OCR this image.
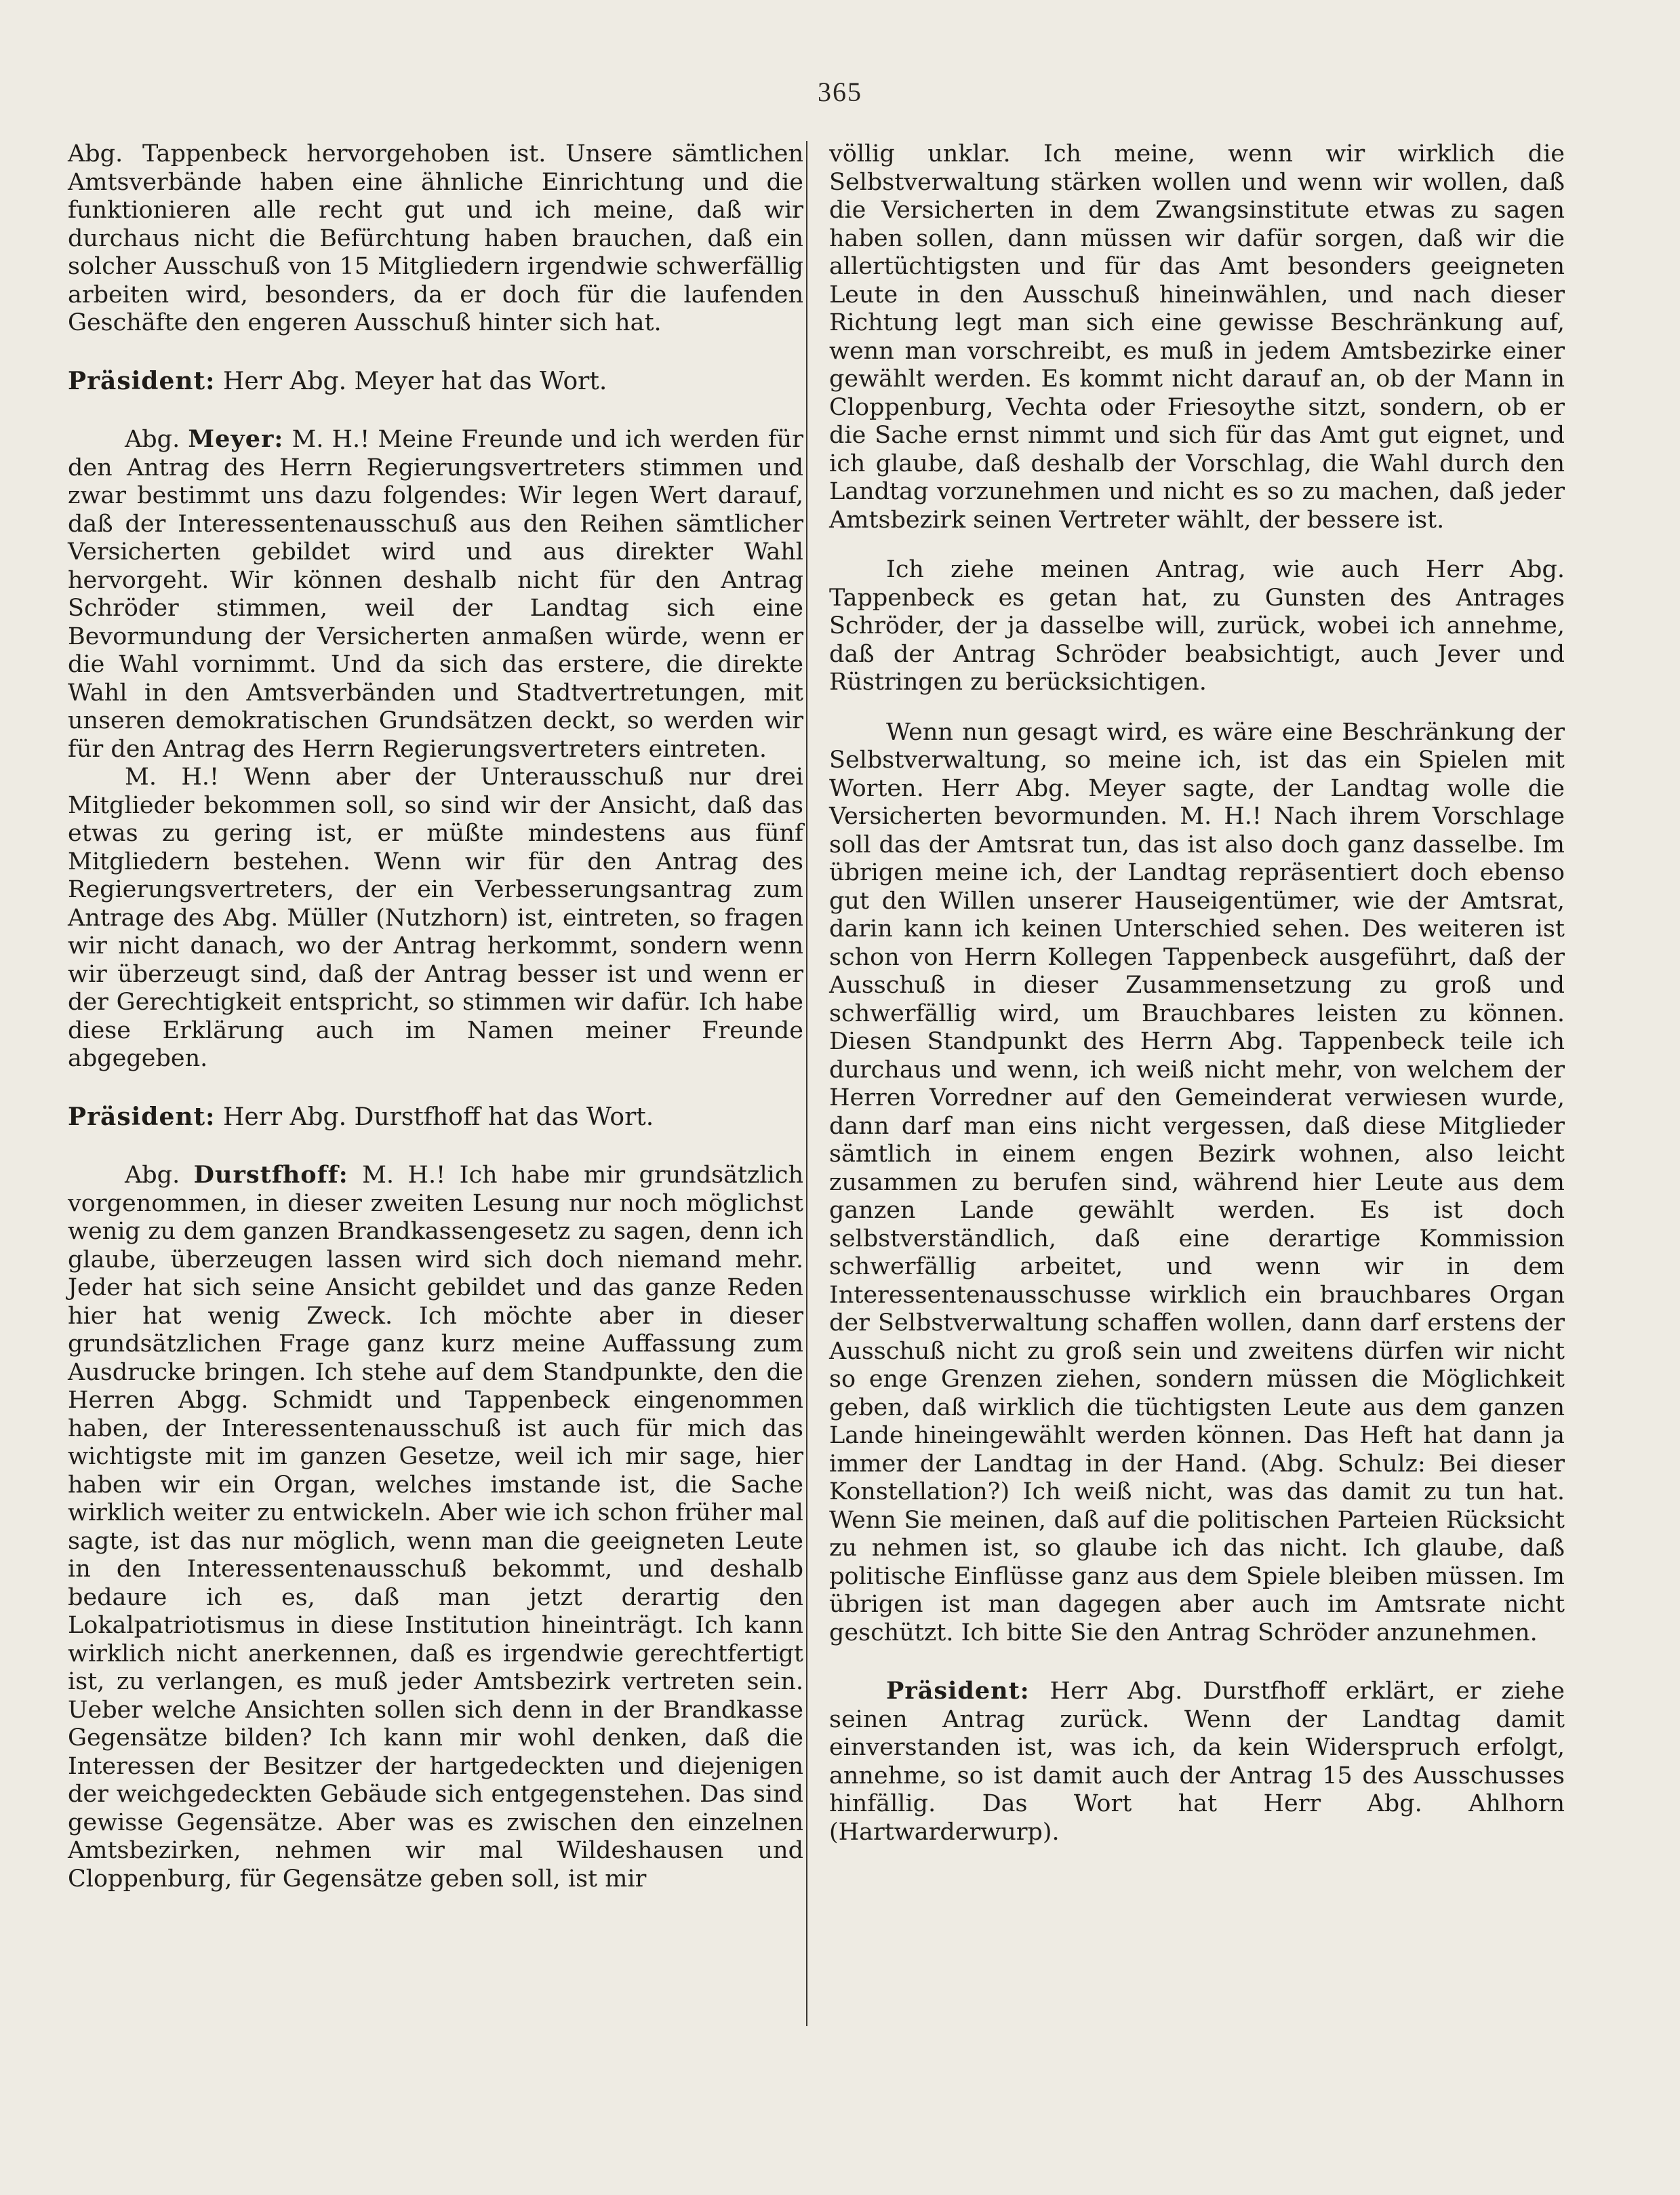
365

Abg. Tappenbeck hervorgehoben ist. Unsere sämtlichen Amtsverbände haben eine ähnliche Einrichtung und die funktionieren alle recht gut und ich meine, daß wir durchaus nicht die Befürchtung haben brauchen, daß ein solcher Ausschuß von 15 Mitgliedern irgendwie schwerfällig arbeiten wird, besonders, da er doch für die laufenden Geschäfte den engeren Ausschuß hinter sich hat.

Präsident: Herr Abg. Meyer hat das Wort.

Abg. Meyer: M. H.! Meine Freunde und ich werden für den Antrag des Herrn Regierungsvertreters stimmen und zwar bestimmt uns dazu folgendes: Wir legen Wert darauf, daß der Interessentenausschuß aus den Reihen sämtlicher Versicherten gebildet wird und aus direkter Wahl hervorgeht. Wir können deshalb nicht für den Antrag Schröder stimmen, weil der Landtag sich eine Bevormundung der Versicherten anmaßen würde, wenn er die Wahl vornimmt. Und da sich das erstere, die direkte Wahl in den Amtsverbänden und Stadtvertretungen, mit unseren demokratischen Grundsätzen deckt, so werden wir für den Antrag des Herrn Regierungsvertreters eintreten.

M. H.! Wenn aber der Unterausschuß nur drei Mitglieder bekommen soll, so sind wir der Ansicht, daß das etwas zu gering ist, er müßte mindestens aus fünf Mitgliedern bestehen. Wenn wir für den Antrag des Regierungsvertreters, der ein Verbesserungsantrag zum Antrage des Abg. Müller (Nutzhorn) ist, eintreten, so fragen wir nicht danach, wo der Antrag herkommt, sondern wenn wir überzeugt sind, daß der Antrag besser ist und wenn er der Gerechtigkeit entspricht, so stimmen wir dafür. Ich habe diese Erklärung auch im Namen meiner Freunde abgegeben.

Präsident: Herr Abg. Durstfhoff hat das Wort.

Abg. Durstfhoff: M. H.! Ich habe mir grundsätzlich vorgenommen, in dieser zweiten Lesung nur noch möglichst wenig zu dem ganzen Brandkassengesetz zu sagen, denn ich glaube, überzeugen lassen wird sich doch niemand mehr. Jeder hat sich seine Ansicht gebildet und das ganze Reden hier hat wenig Zweck. Ich möchte aber in dieser grundsätzlichen Frage ganz kurz meine Auffassung zum Ausdrucke bringen. Ich stehe auf dem Standpunkte, den die Herren Abgg. Schmidt und Tappenbeck eingenommen haben, der Interessentenausschuß ist auch für mich das wichtigste mit im ganzen Gesetze, weil ich mir sage, hier haben wir ein Organ, welches imstande ist, die Sache wirklich weiter zu entwickeln. Aber wie ich schon früher mal sagte, ist das nur möglich, wenn man die geeigneten Leute in den Interessentenausschuß bekommt, und deshalb bedaure ich es, daß man jetzt derartig den Lokalpatriotismus in diese Institution hineinträgt. Ich kann wirklich nicht anerkennen, daß es irgendwie gerechtfertigt ist, zu verlangen, es muß jeder Amtsbezirk vertreten sein. Ueber welche Ansichten sollen sich denn in der Brandkasse Gegensätze bilden? Ich kann mir wohl denken, daß die Interessen der Besitzer der hartgedeckten und diejenigen der weichgedeckten Gebäude sich entgegenstehen. Das sind gewisse Gegensätze. Aber was es zwischen den einzelnen Amtsbezirken, nehmen wir mal Wildeshausen und Cloppenburg, für Gegensätze geben soll, ist mir

völlig unklar. Ich meine, wenn wir wirklich die Selbstverwaltung stärken wollen und wenn wir wollen, daß die Versicherten in dem Zwangsinstitute etwas zu sagen haben sollen, dann müssen wir dafür sorgen, daß wir die allertüchtigsten und für das Amt besonders geeigneten Leute in den Ausschuß hineinwählen, und nach dieser Richtung legt man sich eine gewisse Beschränkung auf, wenn man vorschreibt, es muß in jedem Amtsbezirke einer gewählt werden. Es kommt nicht darauf an, ob der Mann in Cloppenburg, Vechta oder Friesoythe sitzt, sondern, ob er die Sache ernst nimmt und sich für das Amt gut eignet, und ich glaube, daß deshalb der Vorschlag, die Wahl durch den Landtag vorzunehmen und nicht es so zu machen, daß jeder Amtsbezirk seinen Vertreter wählt, der bessere ist.

Ich ziehe meinen Antrag, wie auch Herr Abg. Tappenbeck es getan hat, zu Gunsten des Antrages Schröder, der ja dasselbe will, zurück, wobei ich annehme, daß der Antrag Schröder beabsichtigt, auch Jever und Rüstringen zu berücksichtigen.

Wenn nun gesagt wird, es wäre eine Beschränkung der Selbstverwaltung, so meine ich, ist das ein Spielen mit Worten. Herr Abg. Meyer sagte, der Landtag wolle die Versicherten bevormunden. M. H.! Nach ihrem Vorschlage soll das der Amtsrat tun, das ist also doch ganz dasselbe. Im übrigen meine ich, der Landtag repräsentiert doch ebenso gut den Willen unserer Hauseigentümer, wie der Amtsrat, darin kann ich keinen Unterschied sehen. Des weiteren ist schon von Herrn Kollegen Tappenbeck ausgeführt, daß der Ausschuß in dieser Zusammensetzung zu groß und schwerfällig wird, um Brauchbares leisten zu können. Diesen Standpunkt des Herrn Abg. Tappenbeck teile ich durchaus und wenn, ich weiß nicht mehr, von welchem der Herren Vorredner auf den Gemeinderat verwiesen wurde, dann darf man eins nicht vergessen, daß diese Mitglieder sämtlich in einem engen Bezirk wohnen, also leicht zusammen zu berufen sind, während hier Leute aus dem ganzen Lande gewählt werden. Es ist doch selbstverständlich, daß eine derartige Kommission schwerfällig arbeitet, und wenn wir in dem Interessentenausschusse wirklich ein brauchbares Organ der Selbstverwaltung schaffen wollen, dann darf erstens der Ausschuß nicht zu groß sein und zweitens dürfen wir nicht so enge Grenzen ziehen, sondern müssen die Möglichkeit geben, daß wirklich die tüchtigsten Leute aus dem ganzen Lande hineingewählt werden können. Das Heft hat dann ja immer der Landtag in der Hand. (Abg. Schulz: Bei dieser Konstellation?) Ich weiß nicht, was das damit zu tun hat. Wenn Sie meinen, daß auf die politischen Parteien Rücksicht zu nehmen ist, so glaube ich das nicht. Ich glaube, daß politische Einflüsse ganz aus dem Spiele bleiben müssen. Im übrigen ist man dagegen aber auch im Amtsrate nicht geschützt. Ich bitte Sie den Antrag Schröder anzunehmen.

Präsident: Herr Abg. Durstfhoff erklärt, er ziehe seinen Antrag zurück. Wenn der Landtag damit einverstanden ist, was ich, da kein Widerspruch erfolgt, annehme, so ist damit auch der Antrag 15 des Ausschusses hinfällig. Das Wort hat Herr Abg. Ahlhorn (Hartwarderwurp).
